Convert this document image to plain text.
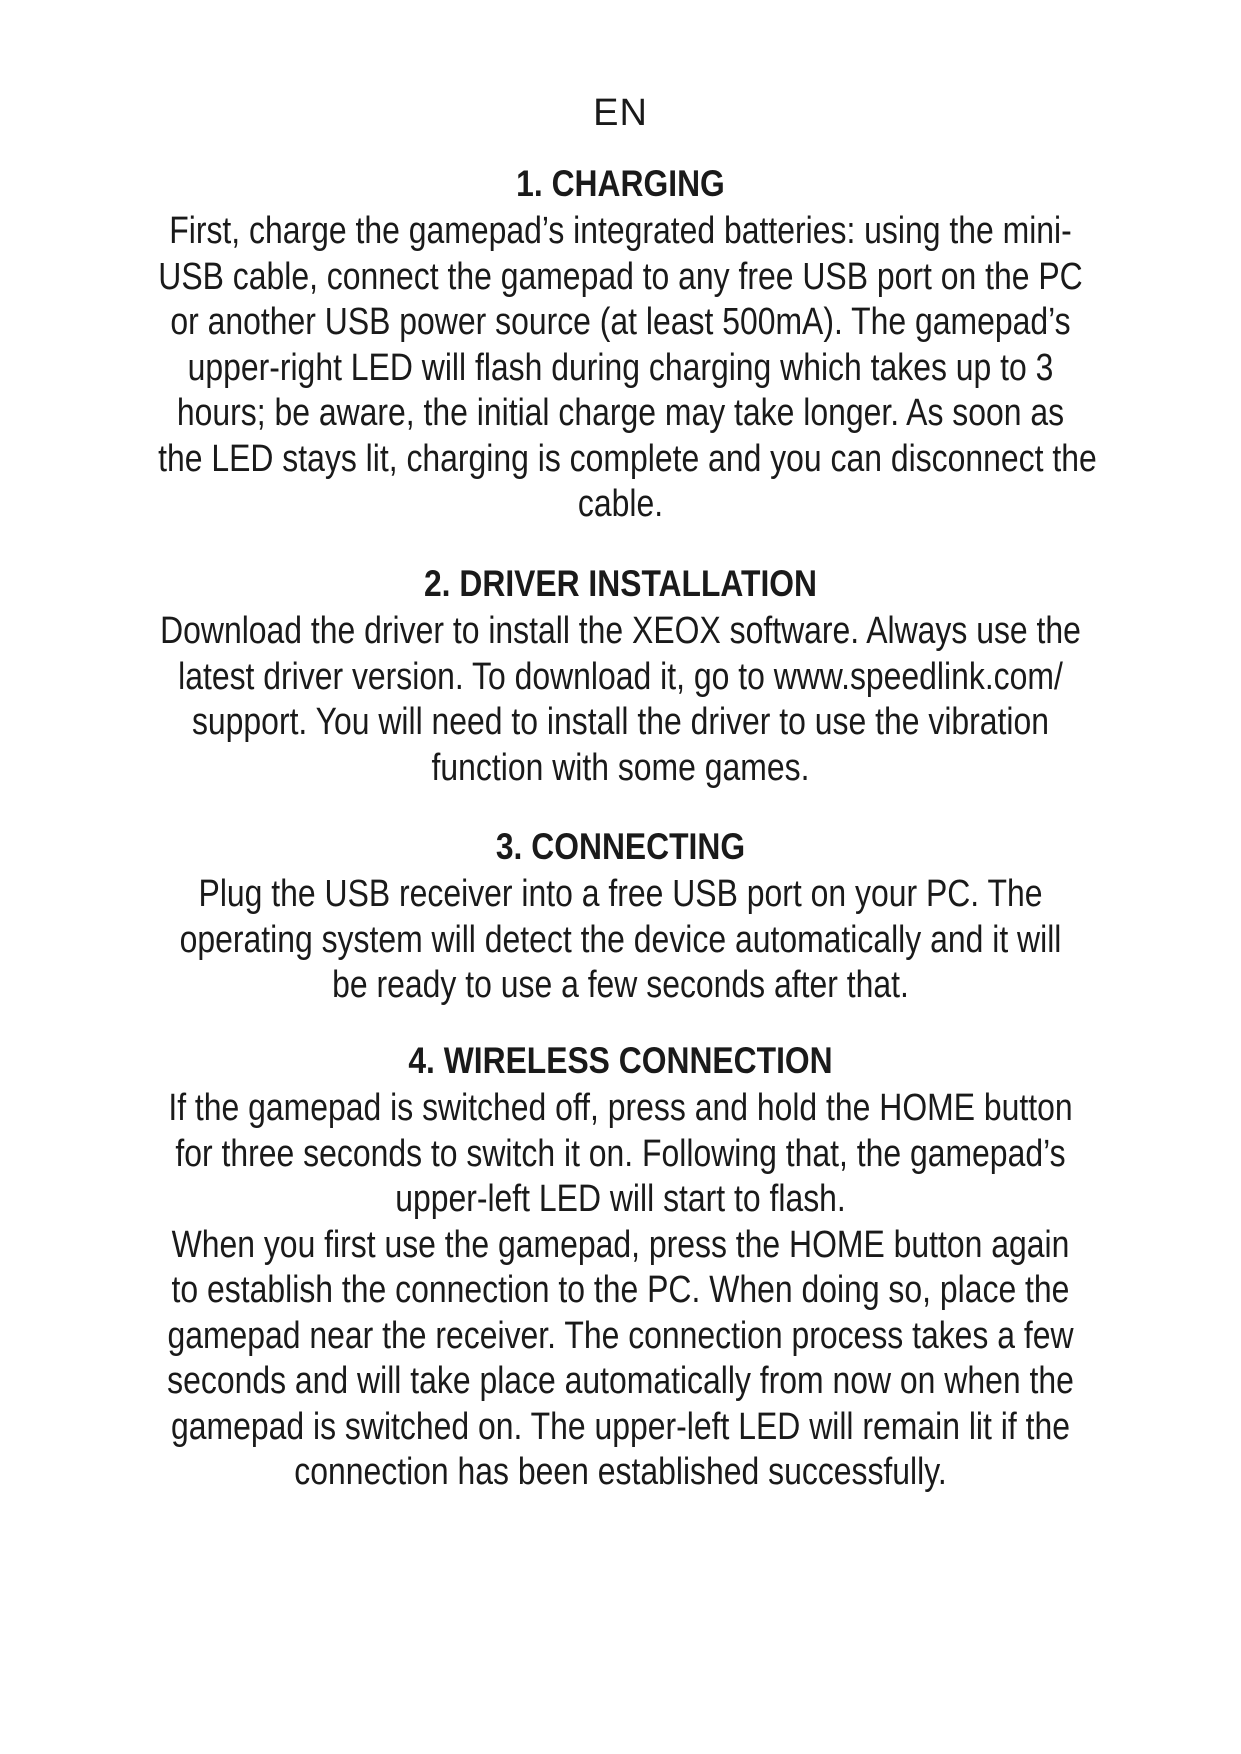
EN
1. CHARGING
First, charge the gamepad’s integrated batteries: using the mini-
USB cable, connect the gamepad to any free USB port on the PC
or another USB power source (at least 500mA). The gamepad’s
upper-right LED will flash during charging which takes up to 3
hours; be aware, the initial charge may take longer. As soon as
the LED stays lit, charging is complete and you can disconnect the
cable.
2. DRIVER INSTALLATION
Download the driver to install the XEOX software. Always use the
latest driver version. To download it, go to www.speedlink.com/
support. You will need to install the driver to use the vibration
function with some games.
3. CONNECTING
Plug the USB receiver into a free USB port on your PC. The
operating system will detect the device automatically and it will
be ready to use a few seconds after that.
4. WIRELESS CONNECTION
If the gamepad is switched off, press and hold the HOME button
for three seconds to switch it on. Following that, the gamepad’s
upper-left LED will start to flash.
When you first use the gamepad, press the HOME button again
to establish the connection to the PC. When doing so, place the
gamepad near the receiver. The connection process takes a few
seconds and will take place automatically from now on when the
gamepad is switched on. The upper-left LED will remain lit if the
connection has been established successfully.
